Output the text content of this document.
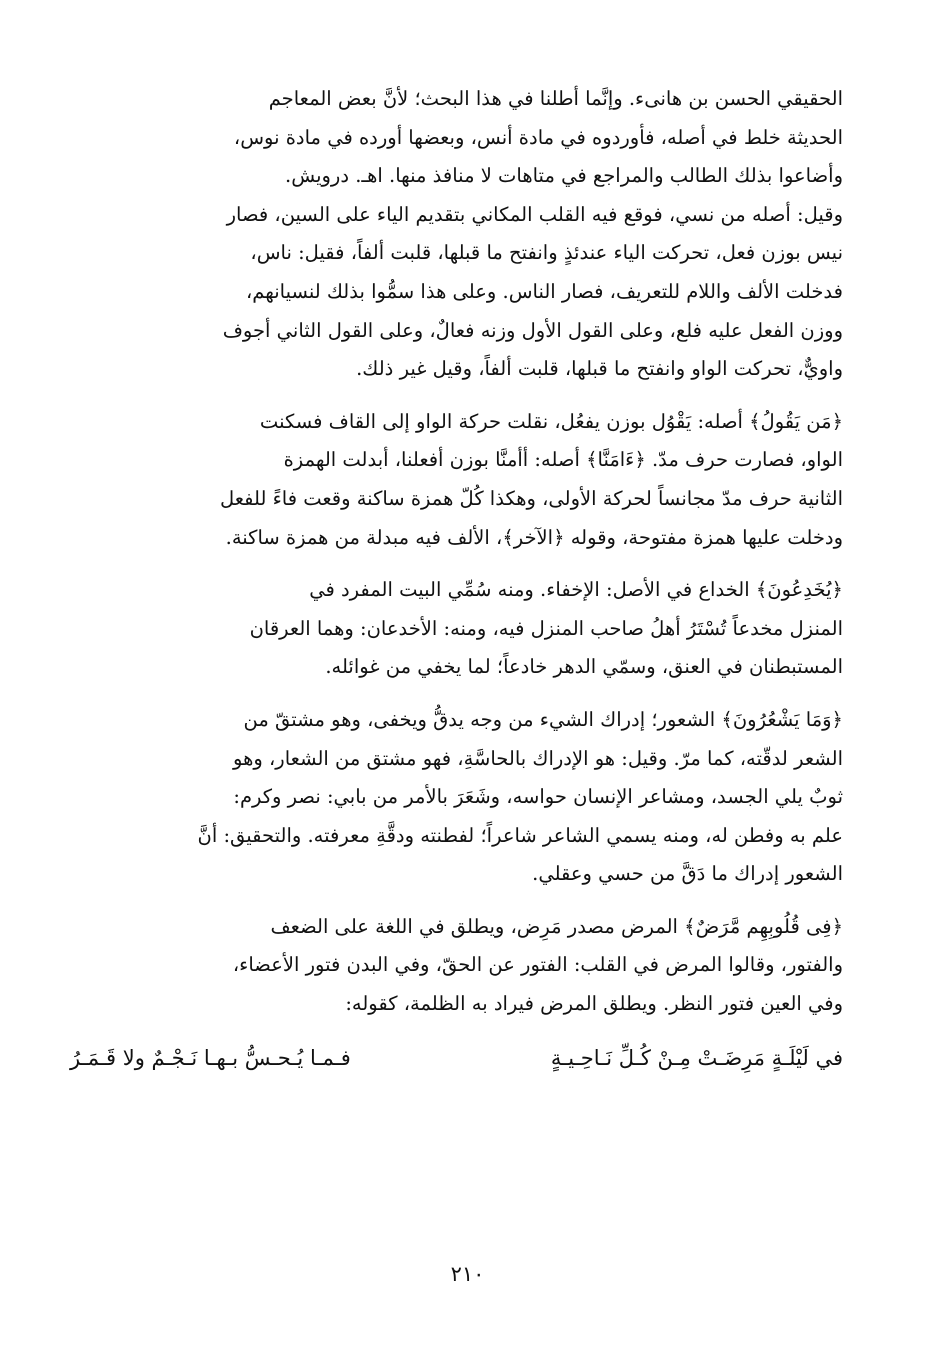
الحقيقي الحسن بن هانىء. وإنَّما أطلنا في هذا البحث؛ لأنَّ بعض المعاجم
الحديثة خلط في أصله، فأوردوه في مادة أنس، وبعضها أورده في مادة نوس،
وأضاعوا بذلك الطالب والمراجع في متاهات لا منافذ منها. اهـ. درويش.
وقيل: أصله من نسي، فوقع فيه القلب المكاني بتقديم الياء على السين، فصار
نيس بوزن فعل، تحركت الياء عندئذٍ وانفتح ما قبلها، قلبت ألفاً، فقيل: ناس،
فدخلت الألف واللام للتعريف، فصار الناس. وعلى هذا سمُّوا بذلك لنسيانهم،
ووزن الفعل عليه فلع، وعلى القول الأول وزنه فعالٌ، وعلى القول الثاني أجوف
واويٌّ، تحركت الواو وانفتح ما قبلها، قلبت ألفاً، وقيل غير ذلك.

﴿مَن يَقُولُ﴾ أصله: يَقْوُل بوزن يفعُل، نقلت حركة الواو إلى القاف فسكنت
الواو، فصارت حرف مدّ. ﴿ءَامَنَّا﴾ أصله: أأمنَّا بوزن أفعلنا، أبدلت الهمزة
الثانية حرف مدّ مجانساً لحركة الأولى، وهكذا كُلّ همزة ساكنة وقعت فاءً للفعل
ودخلت عليها همزة مفتوحة، وقوله ﴿الآخر﴾، الألف فيه مبدلة من همزة ساكنة.

﴿يُخَدِعُونَ﴾ الخداع في الأصل: الإخفاء. ومنه سُمِّي البيت المفرد في
المنزل مخدعاً تُسْتَرُ أهلُ صاحب المنزل فيه، ومنه: الأخدعان: وهما العرقان
المستبطنان في العنق، وسمّي الدهر خادعاً؛ لما يخفي من غوائله.

﴿وَمَا يَشْعُرُونَ﴾ الشعور؛ إدراك الشيء من وجه يدقُّ ويخفى، وهو مشتقّ من
الشعر لدقّته، كما مرّ. وقيل: هو الإدراك بالحاسَّةِ، فهو مشتق من الشعار، وهو
ثوبٌ يلي الجسد، ومشاعر الإنسان حواسه، وشَعَرَ بالأمر من بابي: نصر وكرم:
علم به وفطن له، ومنه يسمي الشاعر شاعراً؛ لفطنته ودقَّةِ معرفته. والتحقيق: أنَّ
الشعور إدراك ما دَقَّ من حسي وعقلي.

﴿فِى قُلُوبِهِم مَّرَضٌ﴾ المرض مصدر مَرِض، ويطلق في اللغة على الضعف
والفتور، وقالوا المرض في القلب: الفتور عن الحقّ، وفي البدن فتور الأعضاء،
وفي العين فتور النظر. ويطلق المرض فيراد به الظلمة، كقوله:

في لَيْلَـةٍ مَرِضَـتْ مِـنْ كُـلِّ نَـاحِـيـةٍ
فـمـا يُـحـسُّ بـهـا نَـجْـمٌ ولا قَـمَـرُ
٢١٠
